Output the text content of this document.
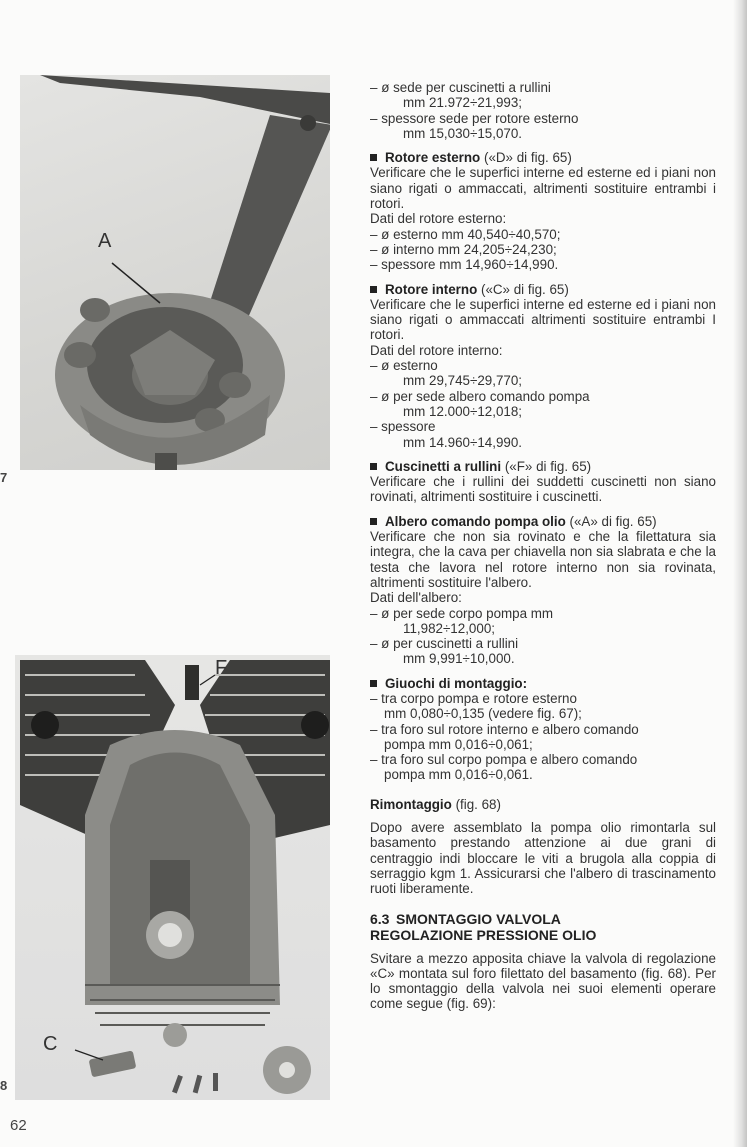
A
7
F
C
8
62
– ø sede per cuscinetti a rullini
mm 21.972÷21,993;
– spessore sede per rotore esterno
mm 15,030÷15,070.
Rotore esterno («D» di fig. 65)
Verificare che le superfici interne ed esterne ed i piani non siano rigati o ammaccati, altrimenti sostituire entrambi i rotori.
Dati del rotore esterno:
– ø esterno mm 40,540÷40,570;
– ø interno mm 24,205÷24,230;
– spessore mm 14,960÷14,990.
Rotore interno («C» di fig. 65)
Verificare che le superfici interne ed esterne ed i piani non siano rigati o ammaccati altrimenti sostituire entrambi I rotori.
Dati del rotore interno:
– ø esterno
mm 29,745÷29,770;
– ø per sede albero comando pompa
mm 12.000÷12,018;
– spessore
mm 14.960÷14,990.
Cuscinetti a rullini («F» di fig. 65)
Verificare che i rullini dei suddetti cuscinetti non siano rovinati, altrimenti sostituire i cuscinetti.
Albero comando pompa olio («A» di fig. 65)
Verificare che non sia rovinato e che la filettatura sia integra, che la cava per chiavella non sia slabrata e che la testa che lavora nel rotore interno non sia rovinata, altrimenti sostituire l'albero.
Dati dell'albero:
– ø per sede corpo pompa mm
11,982÷12,000;
– ø per cuscinetti a rullini
mm 9,991÷10,000.
Giuochi di montaggio:
– tra corpo pompa e rotore esterno
mm 0,080÷0,135 (vedere fig. 67);
– tra foro sul rotore interno e albero comando
pompa mm 0,016÷0,061;
– tra foro sul corpo pompa e albero comando
pompa mm 0,016÷0,061.
Rimontaggio (fig. 68)
Dopo avere assemblato la pompa olio rimontarla sul basamento prestando attenzione ai due grani di centraggio indi bloccare le viti a brugola alla coppia di serraggio kgm 1. Assicurarsi che l'albero di trascinamento ruoti liberamente.
6.3 SMONTAGGIO VALVOLA
REGOLAZIONE PRESSIONE OLIO
Svitare a mezzo apposita chiave la valvola di regolazione «C» montata sul foro filettato del basamento (fig. 68). Per lo smontaggio della valvola nei suoi elementi operare come segue (fig. 69):
